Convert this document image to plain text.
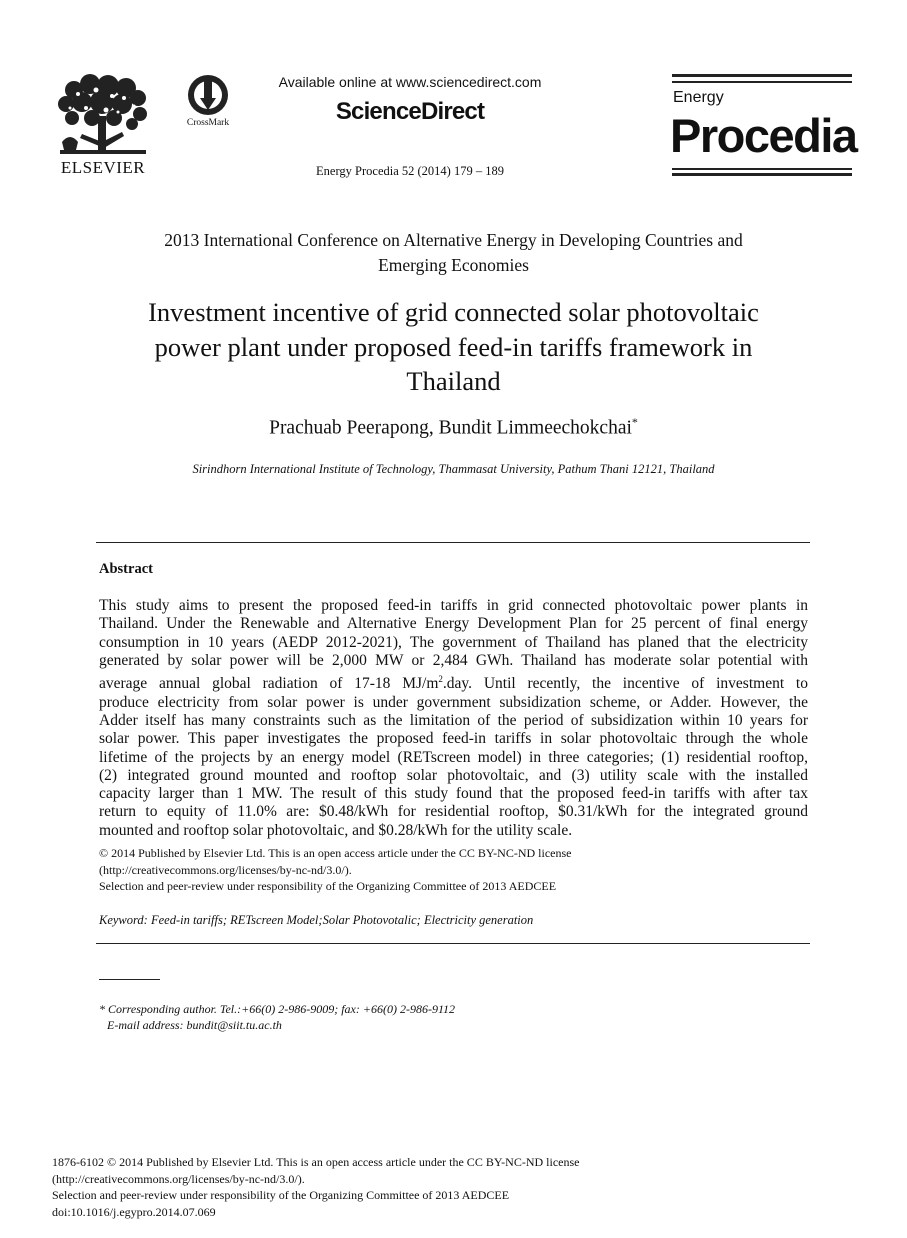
ELSEVIER
CrossMark
Available online at www.sciencedirect.com
ScienceDirect
Energy Procedia 52 (2014) 179 – 189
Energy
Procedia
2013 International Conference on Alternative Energy in Developing Countries and
Emerging Economies
Investment incentive of grid connected solar photovoltaic
power plant under proposed feed-in tariffs framework in
Thailand
Prachuab Peerapong, Bundit Limmeechokchai*
Sirindhorn International Institute of Technology, Thammasat University, Pathum Thani 12121, Thailand
Abstract
This study aims to present the proposed feed-in tariffs in grid connected photovoltaic power plants in
Thailand. Under the Renewable and Alternative Energy Development Plan for 25 percent of final energy
consumption in 10 years (AEDP 2012-2021), The government of Thailand has planed that the electricity
generated by solar power will be 2,000 MW or 2,484 GWh. Thailand has moderate solar potential with
average annual global radiation of 17-18 $MJ/m^2.day$. Until recently, the incentive of investment to
produce electricity from solar power is under government subsidization scheme, or Adder. However, the
Adder itself has many constraints such as the limitation of the period of subsidization within 10 years for
solar power. This paper investigates the proposed feed-in tariffs in solar photovoltaic through the whole
lifetime of the projects by an energy model (RETscreen model) in three categories; (1) residential rooftop,
(2) integrated ground mounted and rooftop solar photovoltaic, and (3) utility scale with the installed
capacity larger than 1 MW. The result of this study found that the proposed feed-in tariffs with after tax
return to equity of 11.0% are: $0.48/kWh for residential rooftop, $0.31/kWh for the integrated ground
mounted and rooftop solar photovoltaic, and $0.28/kWh for the utility scale.
© 2014 Published by Elsevier Ltd. This is an open access article under the CC BY-NC-ND license
(http://creativecommons.org/licenses/by-nc-nd/3.0/).
Selection and peer-review under responsibility of the Organizing Committee of 2013 AEDCEE
Keyword: Feed-in tariffs; RETscreen Model;Solar Photovotalic; Electricity generation
* Corresponding author. Tel.:+66(0) 2-986-9009; fax: +66(0) 2-986-9112
E-mail address: bundit@siit.tu.ac.th
1876-6102 © 2014 Published by Elsevier Ltd. This is an open access article under the CC BY-NC-ND license
(http://creativecommons.org/licenses/by-nc-nd/3.0/).
Selection and peer-review under responsibility of the Organizing Committee of 2013 AEDCEE
doi:10.1016/j.egypro.2014.07.069
